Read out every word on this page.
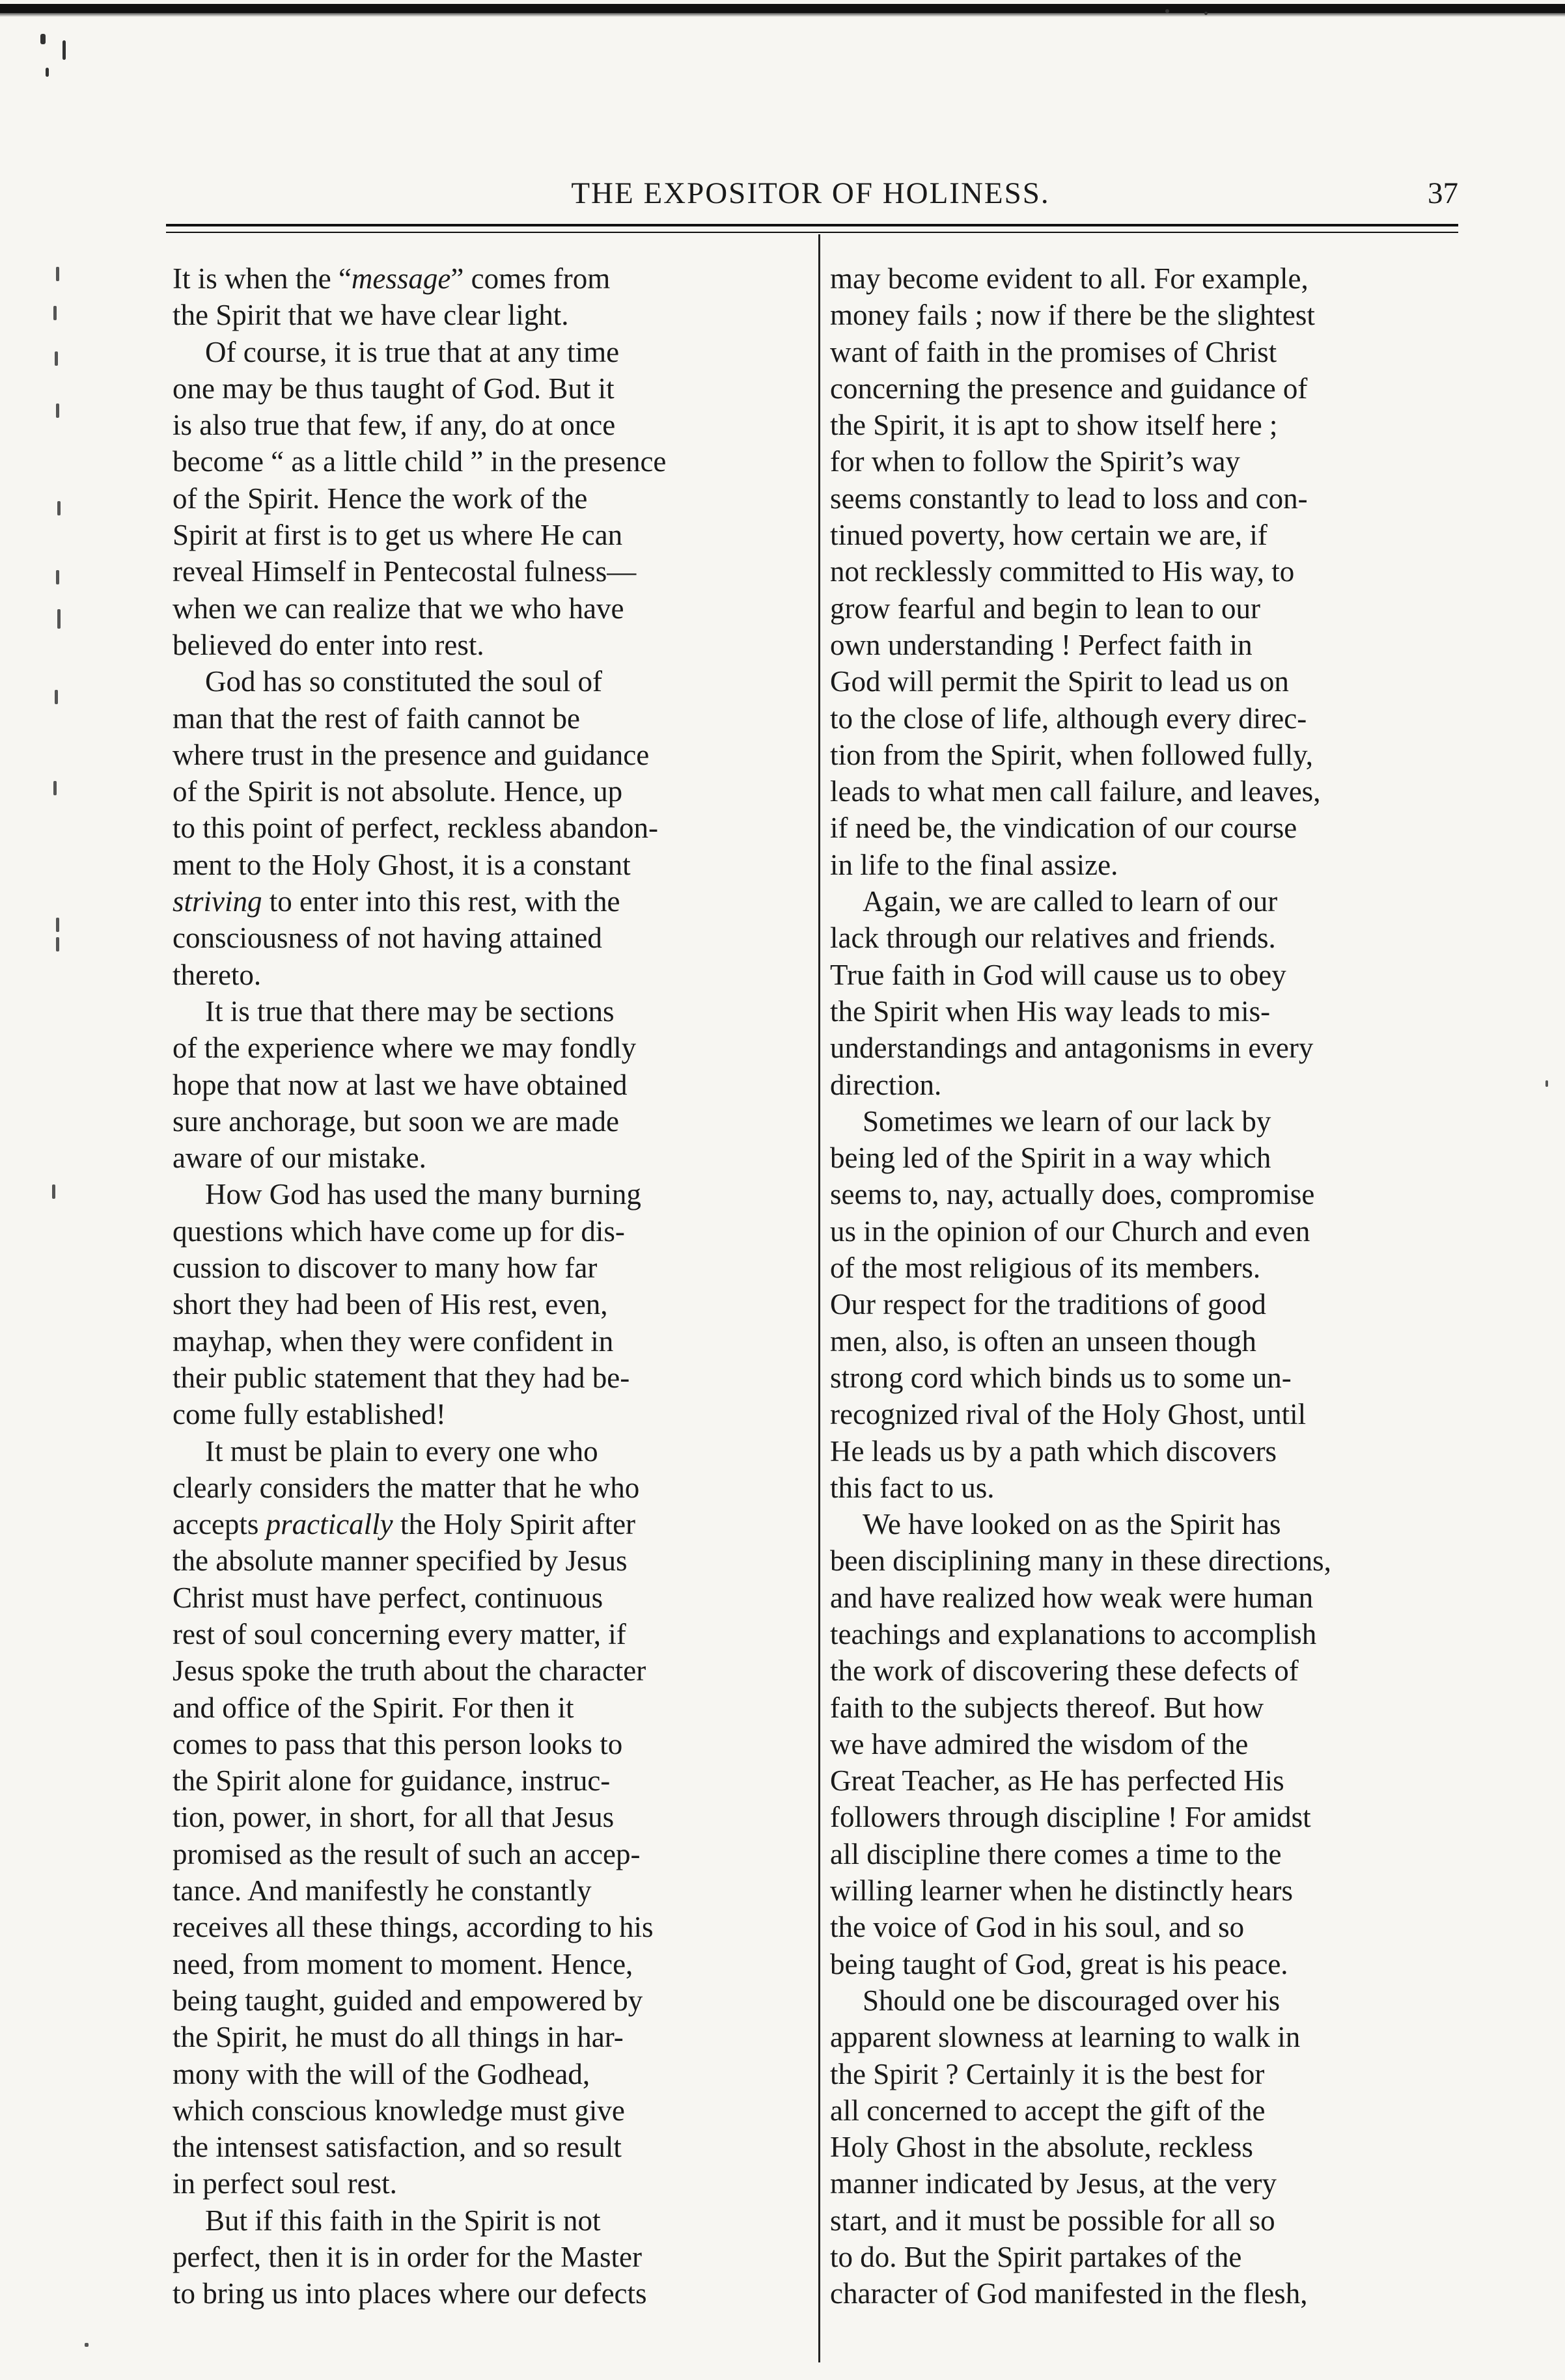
THE EXPOSITOR OF HOLINESS.	37

It is when the “message” comes from
the Spirit that we have clear light.

Of course, it is true that at any time
one may be thus taught of God. But it
is also true that few, if any, do at once
become “ as a little child ” in the presence
of the Spirit. Hence the work of the
Spirit at first is to get us where He can
reveal Himself in Pentecostal fulness—
when we can realize that we who have
believed do enter into rest.

God has so constituted the soul of
man that the rest of faith cannot be
where trust in the presence and guidance
of the Spirit is not absolute. Hence, up
to this point of perfect, reckless abandon-
ment to the Holy Ghost, it is a constant
striving to enter into this rest, with the
consciousness of not having attained
thereto.

It is true that there may be sections
of the experience where we may fondly
hope that now at last we have obtained
sure anchorage, but soon we are made
aware of our mistake.

How God has used the many burning
questions which have come up for dis-
cussion to discover to many how far
short they had been of His rest, even,
mayhap, when they were confident in
their public statement that they had be-
come fully established!

It must be plain to every one who
clearly considers the matter that he who
accepts practically the Holy Spirit after
the absolute manner specified by Jesus
Christ must have perfect, continuous
rest of soul concerning every matter, if
Jesus spoke the truth about the character
and office of the Spirit. For then it
comes to pass that this person looks to
the Spirit alone for guidance, instruc-
tion, power, in short, for all that Jesus
promised as the result of such an accep-
tance. And manifestly he constantly
receives all these things, according to his
need, from moment to moment. Hence,
being taught, guided and empowered by
the Spirit, he must do all things in har-
mony with the will of the Godhead,
which conscious knowledge must give
the intensest satisfaction, and so result
in perfect soul rest.

But if this faith in the Spirit is not
perfect, then it is in order for the Master
to bring us into places where our defects

may become evident to all. For example,
money fails ; now if there be the slightest
want of faith in the promises of Christ
concerning the presence and guidance of
the Spirit, it is apt to show itself here ;
for when to follow the Spirit’s way
seems constantly to lead to loss and con-
tinued poverty, how certain we are, if
not recklessly committed to His way, to
grow fearful and begin to lean to our
own understanding ! Perfect faith in
God will permit the Spirit to lead us on
to the close of life, although every direc-
tion from the Spirit, when followed fully,
leads to what men call failure, and leaves,
if need be, the vindication of our course
in life to the final assize.

Again, we are called to learn of our
lack through our relatives and friends.
True faith in God will cause us to obey
the Spirit when His way leads to mis-
understandings and antagonisms in every
direction.

Sometimes we learn of our lack by
being led of the Spirit in a way which
seems to, nay, actually does, compromise
us in the opinion of our Church and even
of the most religious of its members.
Our respect for the traditions of good
men, also, is often an unseen though
strong cord which binds us to some un-
recognized rival of the Holy Ghost, until
He leads us by a path which discovers
this fact to us.

We have looked on as the Spirit has
been disciplining many in these directions,
and have realized how weak were human
teachings and explanations to accomplish
the work of discovering these defects of
faith to the subjects thereof. But how
we have admired the wisdom of the
Great Teacher, as He has perfected His
followers through discipline ! For amidst
all discipline there comes a time to the
willing learner when he distinctly hears
the voice of God in his soul, and so
being taught of God, great is his peace.

Should one be discouraged over his
apparent slowness at learning to walk in
the Spirit ? Certainly it is the best for
all concerned to accept the gift of the
Holy Ghost in the absolute, reckless
manner indicated by Jesus, at the very
start, and it must be possible for all so
to do. But the Spirit partakes of the
character of God manifested in the flesh,
